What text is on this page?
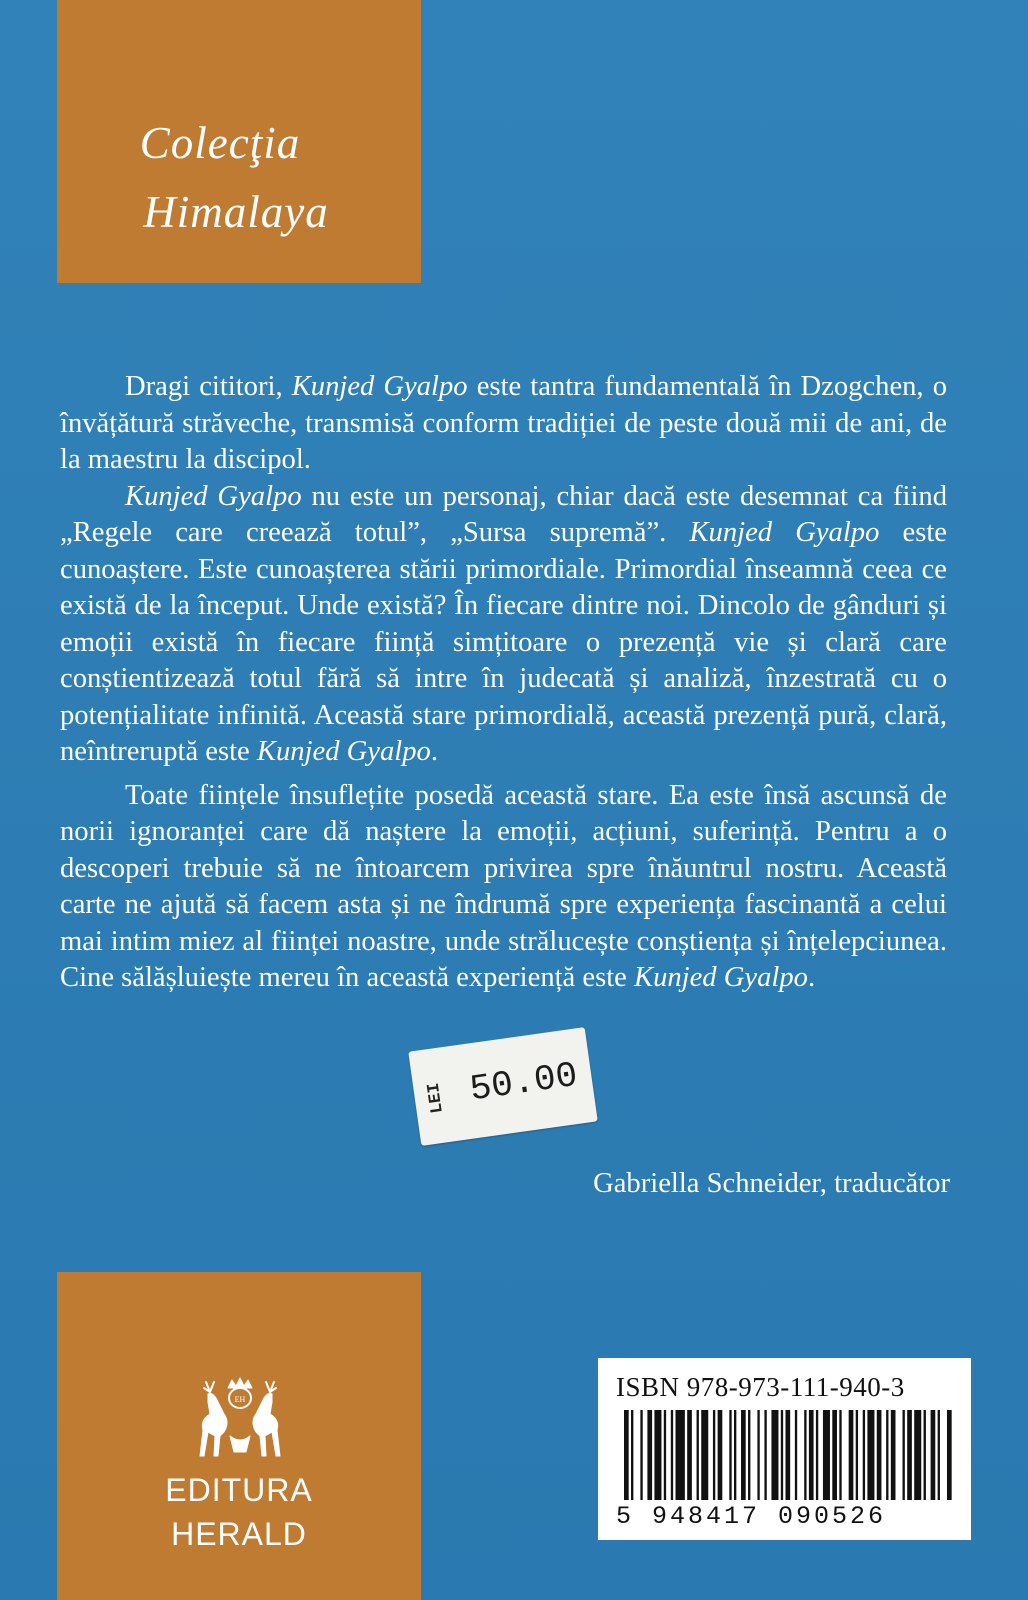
Colecţia
Himalaya

Dragi cititori, Kunjed Gyalpo este tantra fundamentală în Dzogchen, o învățătură străveche, transmisă conform tradiției de peste două mii de ani, de la maestru la discipol.

Kunjed Gyalpo nu este un personaj, chiar dacă este desemnat ca fiind „Regele care creează totul”, „Sursa supremă”. Kunjed Gyalpo este cunoaștere. Este cunoașterea stării primordiale. Primordial înseamnă ceea ce există de la început. Unde există? În fiecare dintre noi. Dincolo de gânduri și emoții există în fiecare ființă simțitoare o prezență vie și clară care conștientizează totul fără să intre în judecată și analiză, înzestrată cu o potențialitate infinită. Această stare primordială, această prezență pură, clară, neîntreruptă este Kunjed Gyalpo.

Toate ființele însuflețite posedă această stare. Ea este însă ascunsă de norii ignoranței care dă naștere la emoții, acțiuni, suferință. Pentru a o descoperi trebuie să ne întoarcem privirea spre înăuntrul nostru. Această carte ne ajută să facem asta și ne îndrumă spre experiența fascinantă a celui mai intim miez al ființei noastre, unde strălucește conștiența și înțelepciunea. Cine sălășluiește mereu în această experiență este Kunjed Gyalpo.

Gabriella Schneider, traducător
LEI 50.00
EH
EDITURA
HERALD
ISBN 978-973-111-940-3
5 948417 090526
